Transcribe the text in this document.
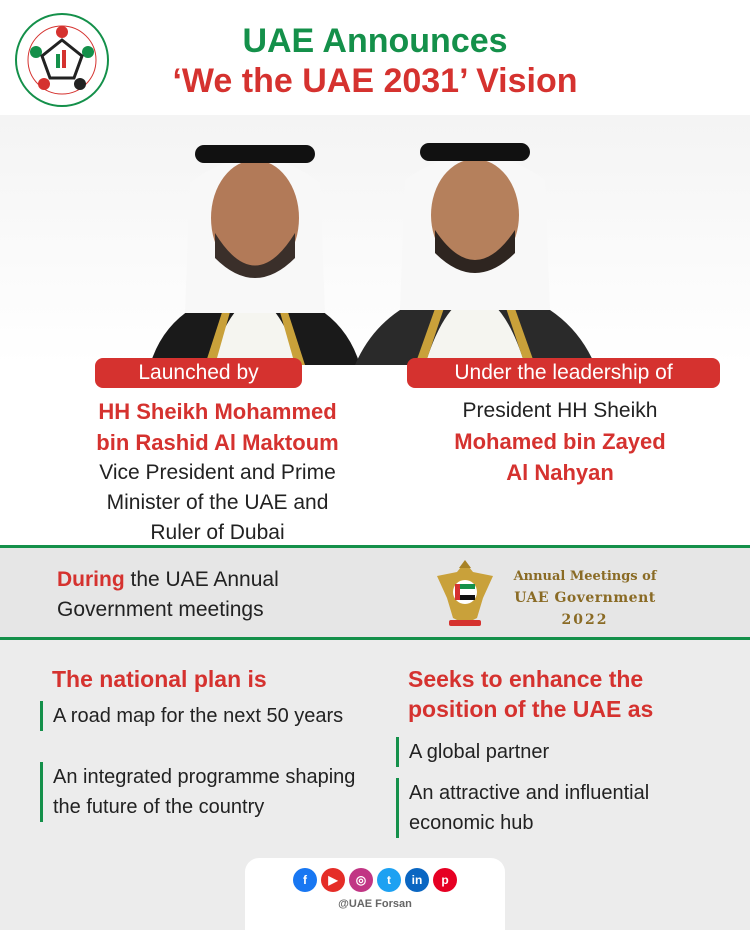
UAE Announces
‘We the UAE 2031’ Vision
Launched by	Under the leadership of
HH Sheikh Mohammed
bin Rashid Al Maktoum
Vice President and Prime
Minister of the UAE and
Ruler of Dubai
President HH Sheikh
Mohamed bin Zayed
Al Nahyan
During the UAE Annual
Government meetings
Annual Meetings of
UAE Government
2022
The national plan is	Seeks to enhance the position of the UAE as
A road map for the next 50 years
An integrated programme shaping the future of the country
A global partner
An attractive and influential economic hub
f	▶	◎	t	in	p
@UAE Forsan
